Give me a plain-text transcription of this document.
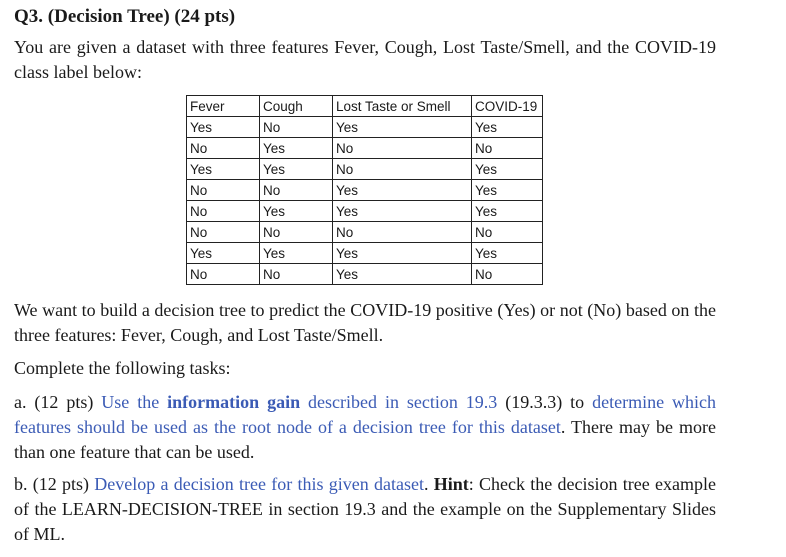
Q3. (Decision Tree) (24 pts)

You are given a dataset with three features Fever, Cough, Lost Taste/Smell, and the COVID-19 class label below:

Fever	Cough	Lost Taste or Smell	COVID-19
Yes	No	Yes	Yes
No	Yes	No	No
Yes	Yes	No	Yes
No	No	Yes	Yes
No	Yes	Yes	Yes
No	No	No	No
Yes	Yes	Yes	Yes
No	No	Yes	No

We want to build a decision tree to predict the COVID-19 positive (Yes) or not (No) based on the three features: Fever, Cough, and Lost Taste/Smell.

Complete the following tasks:

a. (12 pts) Use the information gain described in section 19.3 (19.3.3) to determine which features should be used as the root node of a decision tree for this dataset. There may be more than one feature that can be used.

b. (12 pts) Develop a decision tree for this given dataset. Hint: Check the decision tree example of the LEARN-DECISION-TREE in section 19.3 and the example on the Supplementary Slides of ML.
